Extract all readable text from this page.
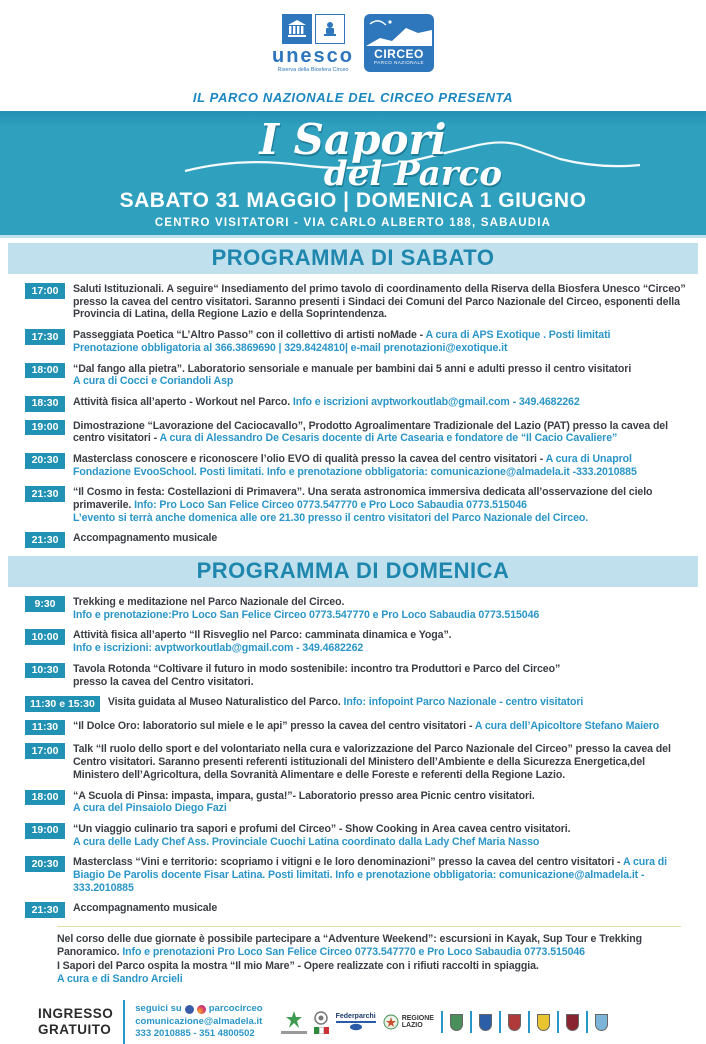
unesco
Riserva della Biosfera Circeo
CIRCEO
PARCO NAZIONALE
IL PARCO NAZIONALE DEL CIRCEO PRESENTA
I Sapori
del Parco
SABATO 31 MAGGIO | DOMENICA 1 GIUGNO
CENTRO VISITATORI - VIA CARLO ALBERTO 188, SABAUDIA
PROGRAMMA DI SABATO
17:00	Saluti Istituzionali. A seguire“ Insediamento del primo tavolo di coordinamento della Riserva della Biosfera Unesco “Circeo” presso la cavea del centro visitatori. Saranno presenti i Sindaci dei Comuni del Parco Nazionale del Circeo, esponenti della Provincia di Latina, della Regione Lazio e della Soprintendenza.
17:30	Passeggiata Poetica “L’Altro Passo” con il collettivo di artisti noMade - A cura di APS Exotique . Posti limitati
Prenotazione obbligatoria al 366.3869690 | 329.8424810| e-mail prenotazioni@exotique.it
18:00	“Dal fango alla pietra”. Laboratorio sensoriale e manuale per bambini dai 5 anni e adulti presso il centro visitatori
A cura di Cocci e Coriandoli Asp
18:30	Attività fisica all’aperto - Workout nel Parco. Info e iscrizioni avptworkoutlab@gmail.com - 349.4682262
19:00	Dimostrazione “Lavorazione del Caciocavallo”, Prodotto Agroalimentare Tradizionale del Lazio (PAT) presso la cavea del centro visitatori - A cura di Alessandro De Cesaris docente di Arte Casearia e fondatore de “Il Cacio Cavaliere”
20:30	Masterclass conoscere e riconoscere l’olio EVO di qualità presso la cavea del centro visitatori - A cura di Unaprol Fondazione EvooSchool. Posti limitati. Info e prenotazione obbligatoria: comunicazione@almadela.it -333.2010885
21:30	“Il Cosmo in festa: Costellazioni di Primavera”. Una serata astronomica immersiva dedicata all’osservazione del cielo primaverile. Info: Pro Loco San Felice Circeo 0773.547770 e Pro Loco Sabaudia 0773.515046
L’evento si terrà anche domenica alle ore 21.30 presso il centro visitatori del Parco Nazionale del Circeo.
21:30	Accompagnamento musicale
PROGRAMMA DI DOMENICA
9:30	Trekking e meditazione nel Parco Nazionale del Circeo.
Info e prenotazione:Pro Loco San Felice Circeo 0773.547770 e Pro Loco Sabaudia 0773.515046
10:00	Attività fisica all’aperto “Il Risveglio nel Parco: camminata dinamica e Yoga”.
Info e iscrizioni: avptworkoutlab@gmail.com - 349.4682262
10:30	Tavola Rotonda “Coltivare il futuro in modo sostenibile: incontro tra Produttori e Parco del Circeo”
presso la cavea del Centro visitatori.
11:30 e 15:30	Visita guidata al Museo Naturalistico del Parco. Info: infopoint Parco Nazionale - centro visitatori
11:30	“Il Dolce Oro: laboratorio sul miele e le api” presso la cavea del centro visitatori - A cura dell’Apicoltore Stefano Maiero
17:00	Talk “Il ruolo dello sport e del volontariato nella cura e valorizzazione del Parco Nazionale del Circeo” presso la cavea del Centro visitatori. Saranno presenti referenti istituzionali del Ministero dell’Ambiente e della Sicurezza Energetica,del Ministero dell’Agricoltura, della Sovranità Alimentare e delle Foreste e referenti della Regione Lazio.
18:00	“A Scuola di Pinsa: impasta, impara, gusta!”- Laboratorio presso area Picnic centro visitatori.
A cura del Pinsaiolo Diego Fazi
19:00	“Un viaggio culinario tra sapori e profumi del Circeo” - Show Cooking in Area cavea centro visitatori.
A cura delle Lady Chef Ass. Provinciale Cuochi Latina coordinato dalla Lady Chef Maria Nasso
20:30	Masterclass “Vini e territorio: scopriamo i vitigni e le loro denominazioni” presso la cavea del centro visitatori - A cura di Biagio De Parolis docente Fisar Latina. Posti limitati. Info e prenotazione obbligatoria: comunicazione@almadela.it - 333.2010885
21:30	Accompagnamento musicale
Nel corso delle due giornate è possibile partecipare a “Adventure Weekend”: escursioni in Kayak, Sup Tour e Trekking Panoramico. Info e prenotazioni Pro Loco San Felice Circeo 0773.547770 e Pro Loco Sabaudia 0773.515046
I Sapori del Parco ospita la mostra “Il mio Mare” - Opere realizzate con i rifiuti raccolti in spiaggia.
A cura e di Sandro Arcieli
INGRESSO
GRATUITO
seguici su	parcocirceo
comunicazione@almadela.it
333 2010885 - 351 4800502
Federparchi	REGIONE
LAZIO
